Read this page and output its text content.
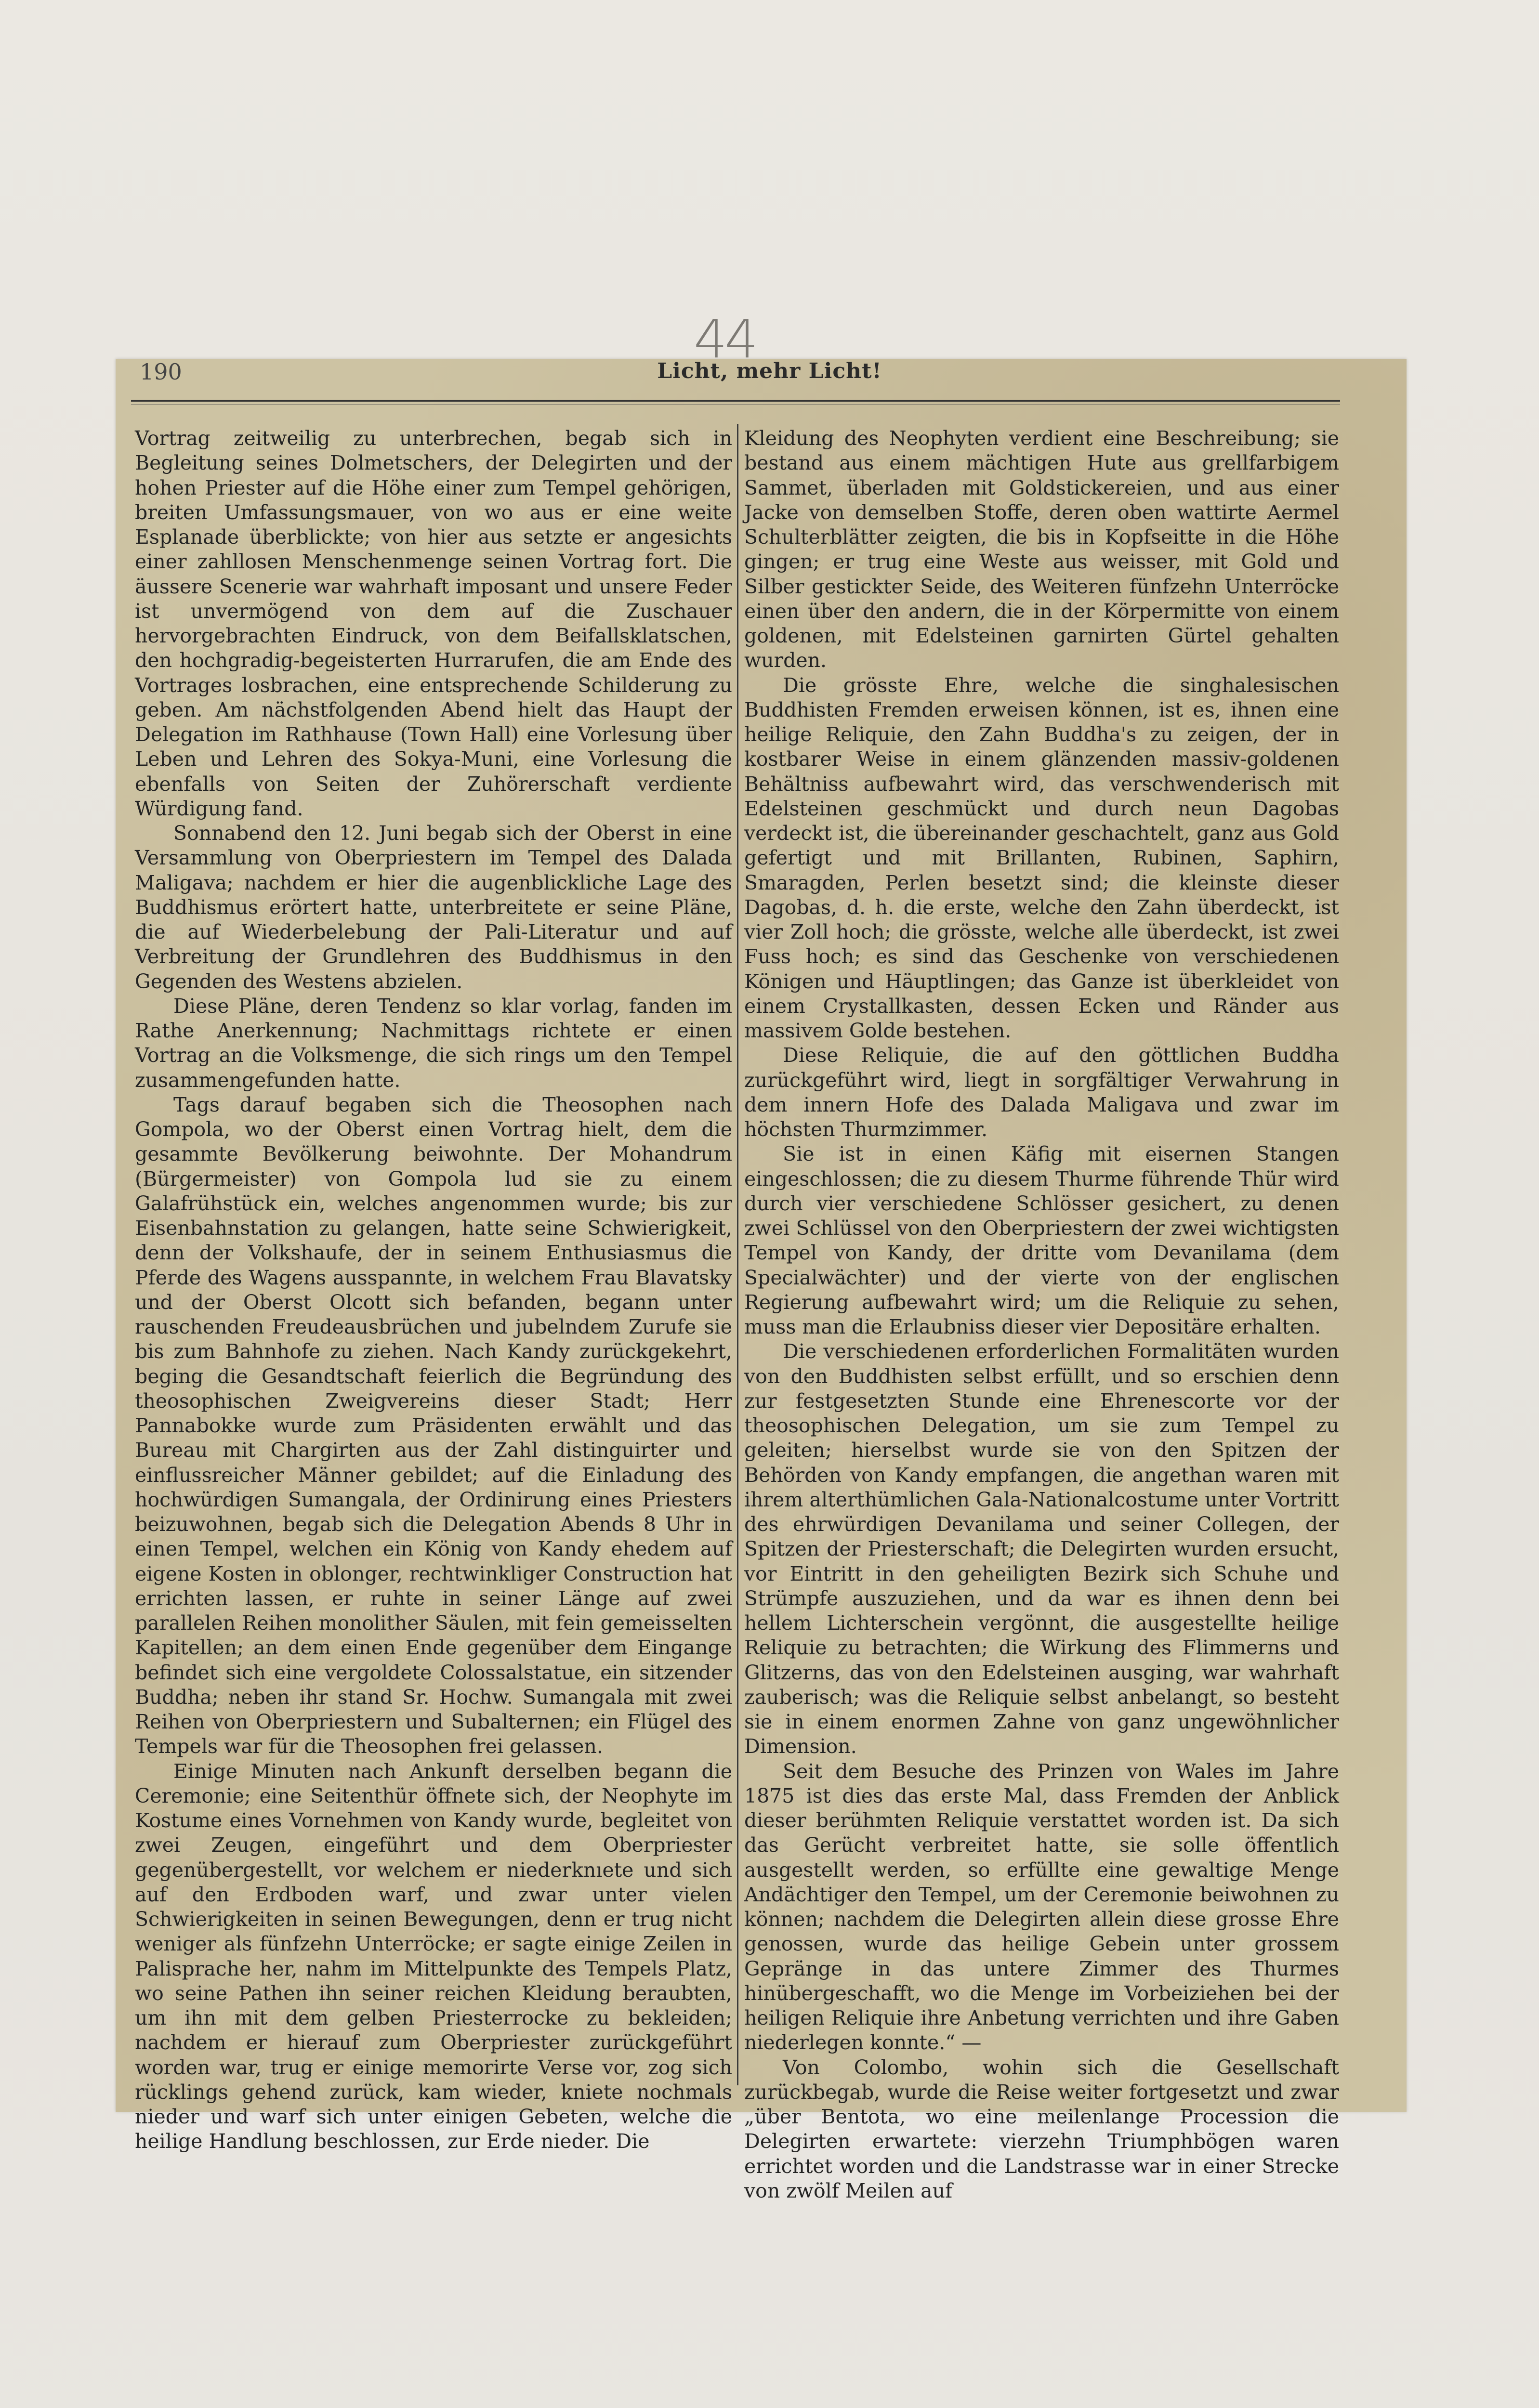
44
190	Licht, mehr Licht!

Vortrag zeitweilig zu unterbrechen, begab sich in Begleitung seines Dolmetschers, der Delegirten und der hohen Priester auf die Höhe einer zum Tempel gehörigen, breiten Umfassungsmauer, von wo aus er eine weite Esplanade überblickte; von hier aus setzte er angesichts einer zahllosen Menschenmenge seinen Vortrag fort. Die äussere Scenerie war wahrhaft imposant und unsere Feder ist unvermögend von dem auf die Zuschauer hervorgebrachten Eindruck, von dem Beifallsklatschen, den hochgradig-begeisterten Hurrarufen, die am Ende des Vortrages losbrachen, eine entsprechende Schilderung zu geben. Am nächstfolgenden Abend hielt das Haupt der Delegation im Rathhause (Town Hall) eine Vorlesung über Leben und Lehren des Sokya-Muni, eine Vorlesung die ebenfalls von Seiten der Zuhörerschaft verdiente Würdigung fand.

Sonnabend den 12. Juni begab sich der Oberst in eine Versammlung von Oberpriestern im Tempel des Dalada Maligava; nachdem er hier die augenblickliche Lage des Buddhismus erörtert hatte, unterbreitete er seine Pläne, die auf Wiederbelebung der Pali-Literatur und auf Verbreitung der Grundlehren des Buddhismus in den Gegenden des Westens abzielen.

Diese Pläne, deren Tendenz so klar vorlag, fanden im Rathe Anerkennung; Nachmittags richtete er einen Vortrag an die Volksmenge, die sich rings um den Tempel zusammengefunden hatte.

Tags darauf begaben sich die Theosophen nach Gompola, wo der Oberst einen Vortrag hielt, dem die gesammte Bevölkerung beiwohnte. Der Mohandrum (Bürgermeister) von Gompola lud sie zu einem Galafrühstück ein, welches angenommen wurde; bis zur Eisenbahnstation zu gelangen, hatte seine Schwierigkeit, denn der Volkshaufe, der in seinem Enthusiasmus die Pferde des Wagens ausspannte, in welchem Frau Blavatsky und der Oberst Olcott sich befanden, begann unter rauschenden Freudeausbrüchen und jubelndem Zurufe sie bis zum Bahnhofe zu ziehen. Nach Kandy zurückgekehrt, beging die Gesandtschaft feierlich die Begründung des theosophischen Zweigvereins dieser Stadt; Herr Pannabokke wurde zum Präsidenten erwählt und das Bureau mit Chargirten aus der Zahl distinguirter und einflussreicher Männer gebildet; auf die Einladung des hochwürdigen Sumangala, der Ordinirung eines Priesters beizuwohnen, begab sich die Delegation Abends 8 Uhr in einen Tempel, welchen ein König von Kandy ehedem auf eigene Kosten in oblonger, rechtwinkliger Construction hat errichten lassen, er ruhte in seiner Länge auf zwei parallelen Reihen monolither Säulen, mit fein gemeisselten Kapitellen; an dem einen Ende gegenüber dem Eingange befindet sich eine vergoldete Colossalstatue, ein sitzender Buddha; neben ihr stand Sr. Hochw. Sumangala mit zwei Reihen von Oberpriestern und Subalternen; ein Flügel des Tempels war für die Theosophen frei gelassen.

Einige Minuten nach Ankunft derselben begann die Ceremonie; eine Seitenthür öffnete sich, der Neophyte im Kostume eines Vornehmen von Kandy wurde, begleitet von zwei Zeugen, eingeführt und dem Oberpriester gegenübergestellt, vor welchem er niederknıete und sich auf den Erdboden warf, und zwar unter vielen Schwierigkeiten in seinen Bewegungen, denn er trug nicht weniger als fünfzehn Unterröcke; er sagte einige Zeilen in Palisprache her, nahm im Mittelpunkte des Tempels Platz, wo seine Pathen ihn seiner reichen Kleidung beraubten, um ihn mit dem gelben Priesterrocke zu bekleiden; nachdem er hierauf zum Oberpriester zurückgeführt worden war, trug er einige memorirte Verse vor, zog sich rücklings gehend zurück, kam wieder, kniete nochmals nieder und warf sich unter einigen Gebeten, welche die heilige Handlung beschlossen, zur Erde nieder. Die

Kleidung des Neophyten verdient eine Beschreibung; sie bestand aus einem mächtigen Hute aus grellfarbigem Sammet, überladen mit Goldstickereien, und aus einer Jacke von demselben Stoffe, deren oben wattirte Aermel Schulterblätter zeigten, die bis in Kopfseitte in die Höhe gingen; er trug eine Weste aus weisser, mit Gold und Silber gestickter Seide, des Weiteren fünfzehn Unterröcke einen über den andern, die in der Körpermitte von einem goldenen, mit Edelsteinen garnirten Gürtel gehalten wurden.

Die grösste Ehre, welche die singhalesischen Buddhisten Fremden erweisen können, ist es, ihnen eine heilige Reliquie, den Zahn Buddha's zu zeigen, der in kostbarer Weise in einem glänzenden massiv-goldenen Behältniss aufbewahrt wird, das verschwenderisch mit Edelsteinen geschmückt und durch neun Dagobas verdeckt ist, die übereinander geschachtelt, ganz aus Gold gefertigt und mit Brillanten, Rubinen, Saphirn, Smaragden, Perlen besetzt sind; die kleinste dieser Dagobas, d. h. die erste, welche den Zahn überdeckt, ist vier Zoll hoch; die grösste, welche alle überdeckt, ist zwei Fuss hoch; es sind das Geschenke von verschiedenen Königen und Häuptlingen; das Ganze ist überkleidet von einem Crystallkasten, dessen Ecken und Ränder aus massivem Golde bestehen.

Diese Reliquie, die auf den göttlichen Buddha zurückgeführt wird, liegt in sorgfältiger Verwahrung in dem innern Hofe des Dalada Maligava und zwar im höchsten Thurmzimmer.

Sie ist in einen Käfig mit eisernen Stangen eingeschlossen; die zu diesem Thurme führende Thür wird durch vier verschiedene Schlösser gesichert, zu denen zwei Schlüssel von den Oberpriestern der zwei wichtigsten Tempel von Kandy, der dritte vom Devanilama (dem Specialwächter) und der vierte von der englischen Regierung aufbewahrt wird; um die Reliquie zu sehen, muss man die Erlaubniss dieser vier Depositäre erhalten.

Die verschiedenen erforderlichen Formalitäten wurden von den Buddhisten selbst erfüllt, und so erschien denn zur festgesetzten Stunde eine Ehrenescorte vor der theosophischen Delegation, um sie zum Tempel zu geleiten; hierselbst wurde sie von den Spitzen der Behörden von Kandy empfangen, die angethan waren mit ihrem alterthümlichen Gala-Nationalcostume unter Vortritt des ehrwürdigen Devanilama und seiner Collegen, der Spitzen der Priesterschaft; die Delegirten wurden ersucht, vor Eintritt in den geheiligten Bezirk sich Schuhe und Strümpfe auszuziehen, und da war es ihnen denn bei hellem Lichterschein vergönnt, die ausgestellte heilige Reliquie zu betrachten; die Wirkung des Flimmerns und Glitzerns, das von den Edelsteinen ausging, war wahrhaft zauberisch; was die Reliquie selbst anbelangt, so besteht sie in einem enormen Zahne von ganz ungewöhnlicher Dimension.

Seit dem Besuche des Prinzen von Wales im Jahre 1875 ist dies das erste Mal, dass Fremden der Anblick dieser berühmten Reliquie verstattet worden ist. Da sich das Gerücht verbreitet hatte, sie solle öffentlich ausgestellt werden, so erfüllte eine gewaltige Menge Andächtiger den Tempel, um der Ceremonie beiwohnen zu können; nachdem die Delegirten allein diese grosse Ehre genossen, wurde das heilige Gebein unter grossem Gepränge in das untere Zimmer des Thurmes hinübergeschafft, wo die Menge im Vorbeiziehen bei der heiligen Reliquie ihre Anbetung verrichten und ihre Gaben niederlegen konnte.“ —

Von Colombo, wohin sich die Gesellschaft zurückbegab, wurde die Reise weiter fortgesetzt und zwar „über Bentota, wo eine meilenlange Procession die Delegirten erwartete: vierzehn Triumphbögen waren errichtet worden und die Landstrasse war in einer Strecke von zwölf Meilen auf
